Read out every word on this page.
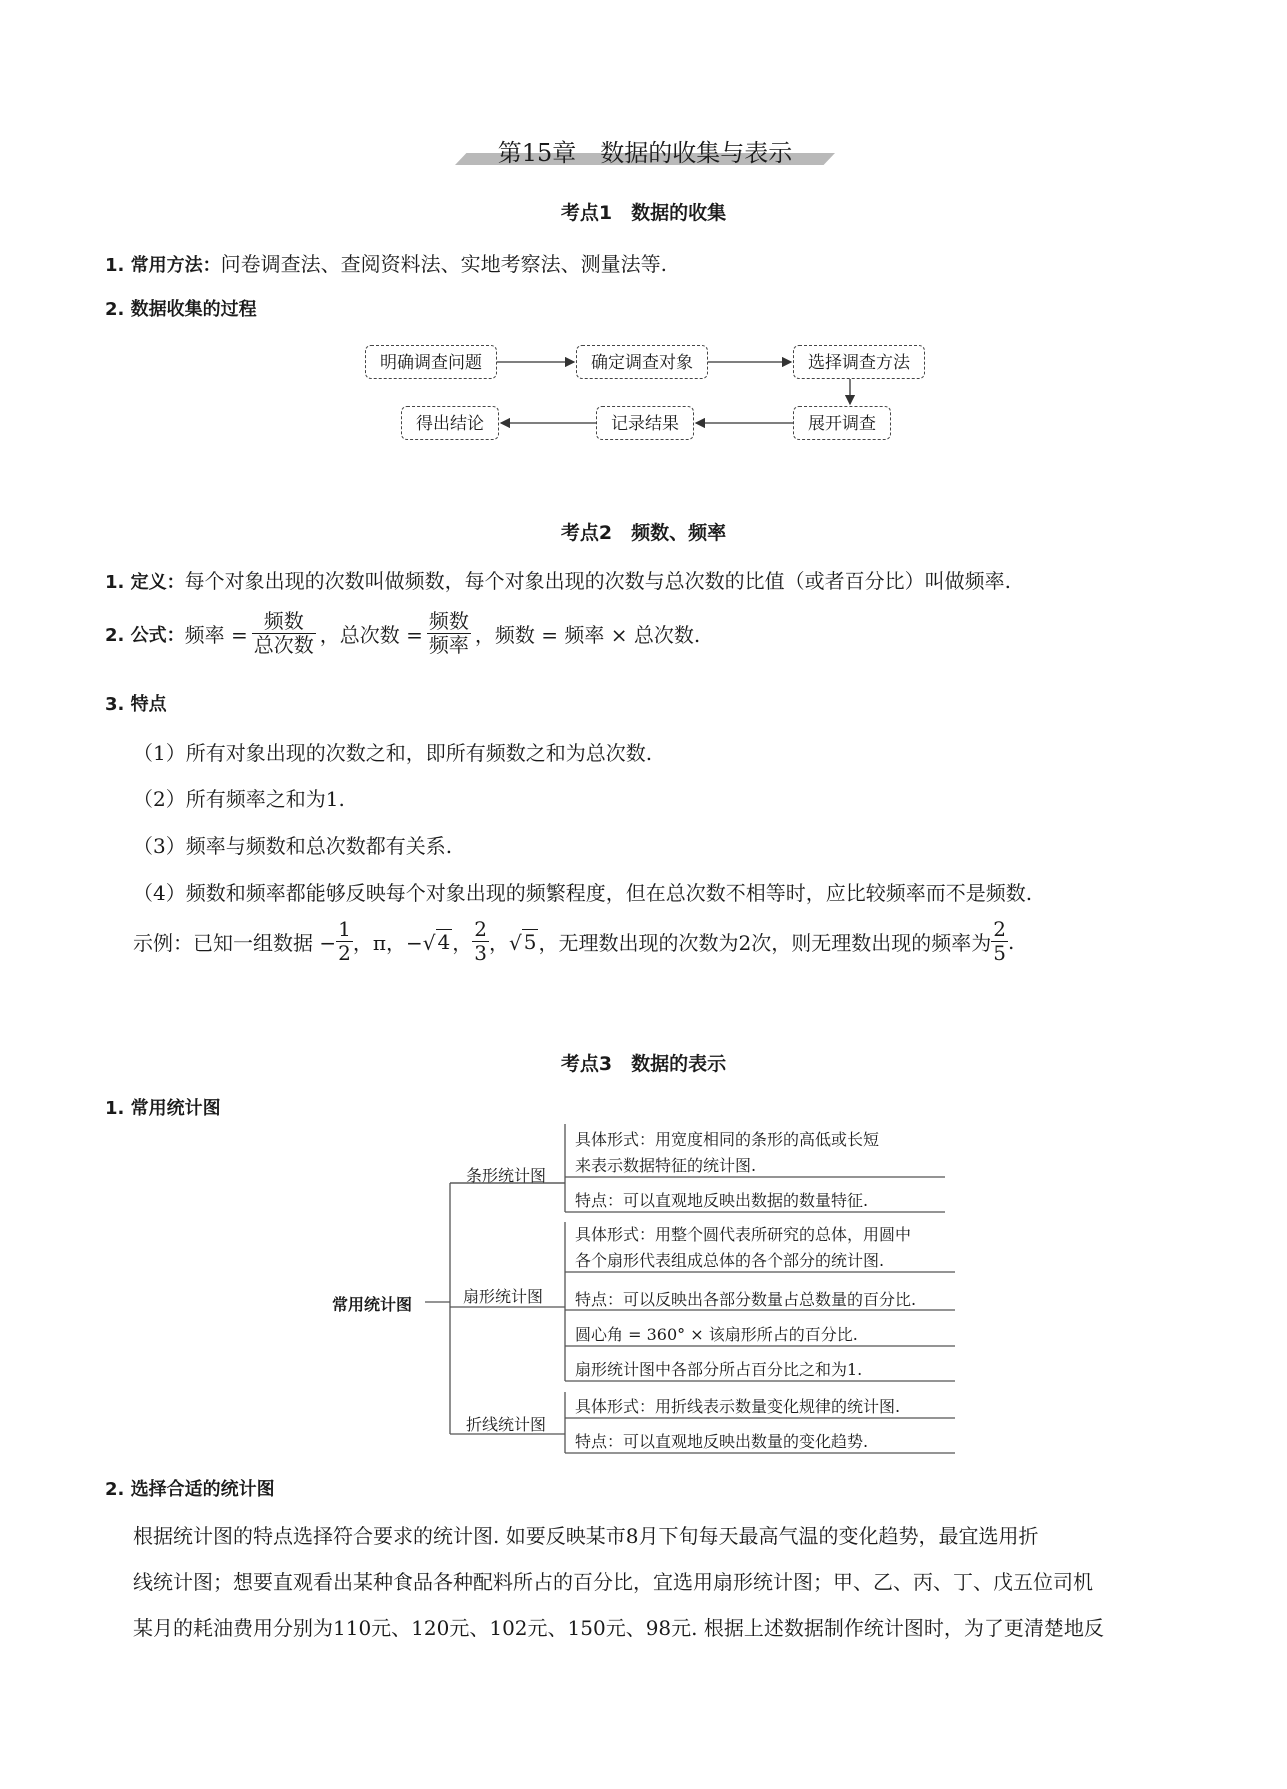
第15章　数据的收集与表示
考点1　数据的收集
1. 常用方法：问卷调查法、查阅资料法、实地考察法、测量法等.
2. 数据收集的过程
明确调查问题	确定调查对象	选择调查方法
展开调查
记录结果
得出结论
考点2　频数、频率
1. 定义：每个对象出现的次数叫做频数，每个对象出现的次数与总次数的比值（或者百分比）叫做频率.
2. 公式： 频率 = $\frac{\text{频数}}{\text{总次数}}$ ，总次数 = $\frac{\text{频数}}{\text{频率}}$ ，频数 = 频率 × 总次数.
3. 特点
（1）所有对象出现的次数之和，即所有频数之和为总次数.
（2）所有频率之和为1.
（3）频率与频数和总次数都有关系.
（4）频数和频率都能够反映每个对象出现的频繁程度，但在总次数不相等时，应比较频率而不是频数.
示例：已知一组数据 − $\frac{1}{2}$ ，π，−√ 4 ， $\frac{2}{3}$ ，√ 5 ，无理数出现的次数为2次，则无理数出现的频率为 $\frac{2}{5}$ .
考点3　数据的表示
1. 常用统计图
常用统计图
条形统计图
具体形式：用宽度相同的条形的高低或长短
来表示数据特征的统计图.
特点：可以直观地反映出数据的数量特征.
扇形统计图
具体形式：用整个圆代表所研究的总体，用圆中
各个扇形代表组成总体的各个部分的统计图.
特点：可以反映出各部分数量占总数量的百分比.
圆心角 = 360° × 该扇形所占的百分比.
扇形统计图中各部分所占百分比之和为1.
折线统计图
具体形式：用折线表示数量变化规律的统计图.
特点：可以直观地反映出数量的变化趋势.
2. 选择合适的统计图
根据统计图的特点选择符合要求的统计图. 如要反映某市8月下旬每天最高气温的变化趋势，最宜选用折
线统计图；想要直观看出某种食品各种配料所占的百分比，宜选用扇形统计图；甲、乙、丙、丁、戊五位司机
某月的耗油费用分别为110元、120元、102元、150元、98元. 根据上述数据制作统计图时，为了更清楚地反
